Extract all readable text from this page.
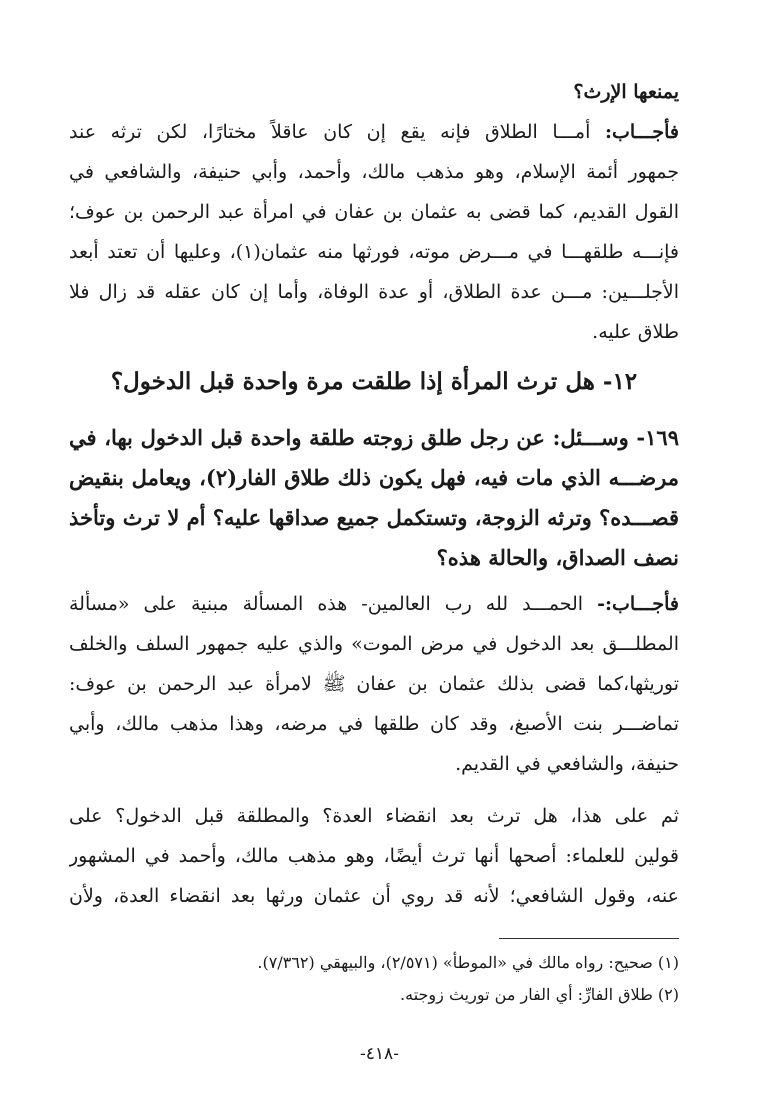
يمنعها الإرث؟
فأجـــاب: أمـــا الطلاق فإنه يقع إن كان عاقلاً مختارًا، لكن ترثه عند
جمهور أئمة الإسلام، وهو مذهب مالك، وأحمد، وأبي حنيفة، والشافعي في
القول القديم، كما قضى به عثمان بن عفان في امرأة عبد الرحمن بن عوف؛
فإنـــه طلقهـــا في مـــرض موته، فورثها منه عثمان(١)، وعليها أن تعتد أبعد
الأجلـــين: مـــن عدة الطلاق، أو عدة الوفاة، وأما إن كان عقله قد زال فلا
طلاق عليه.
١٢- هل ترث المرأة إذا طلقت مرة واحدة قبل الدخول؟
١٦٩- وســـئل: عن رجل طلق زوجته طلقة واحدة قبل الدخول بها، في
مرضـــه الذي مات فيه، فهل يكون ذلك طلاق الفار(٢)، ويعامل بنقيض
قصـــده؟ وترثه الزوجة، وتستكمل جميع صداقها عليه؟ أم لا ترث وتأخذ
نصف الصداق، والحالة هذه؟
فأجـــاب:- الحمـــد لله رب العالمين- هذه المسألة مبنية على «مسألة
المطلـــق بعد الدخول في مرض الموت» والذي عليه جمهور السلف والخلف
توريثها،كما قضى بذلك عثمان بن عفان ﷺ لامرأة عبد الرحمن بن عوف:
تماضـــر بنت الأصبغ، وقد كان طلقها في مرضه، وهذا مذهب مالك، وأبي
حنيفة، والشافعي في القديم.
ثم على هذا، هل ترث بعد انقضاء العدة؟ والمطلقة قبل الدخول؟ على
قولين للعلماء: أصحها أنها ترث أيضًا، وهو مذهب مالك، وأحمد في المشهور
عنه، وقول الشافعي؛ لأنه قد روي أن عثمان ورثها بعد انقضاء العدة، ولأن
(١) صحيح: رواه مالك في «الموطأ» (٢/٥٧١)، والبيهقي (٧/٣٦٢).
(٢) طلاق الفارِّ: أي الفار من توريث زوجته.
-٤١٨-
